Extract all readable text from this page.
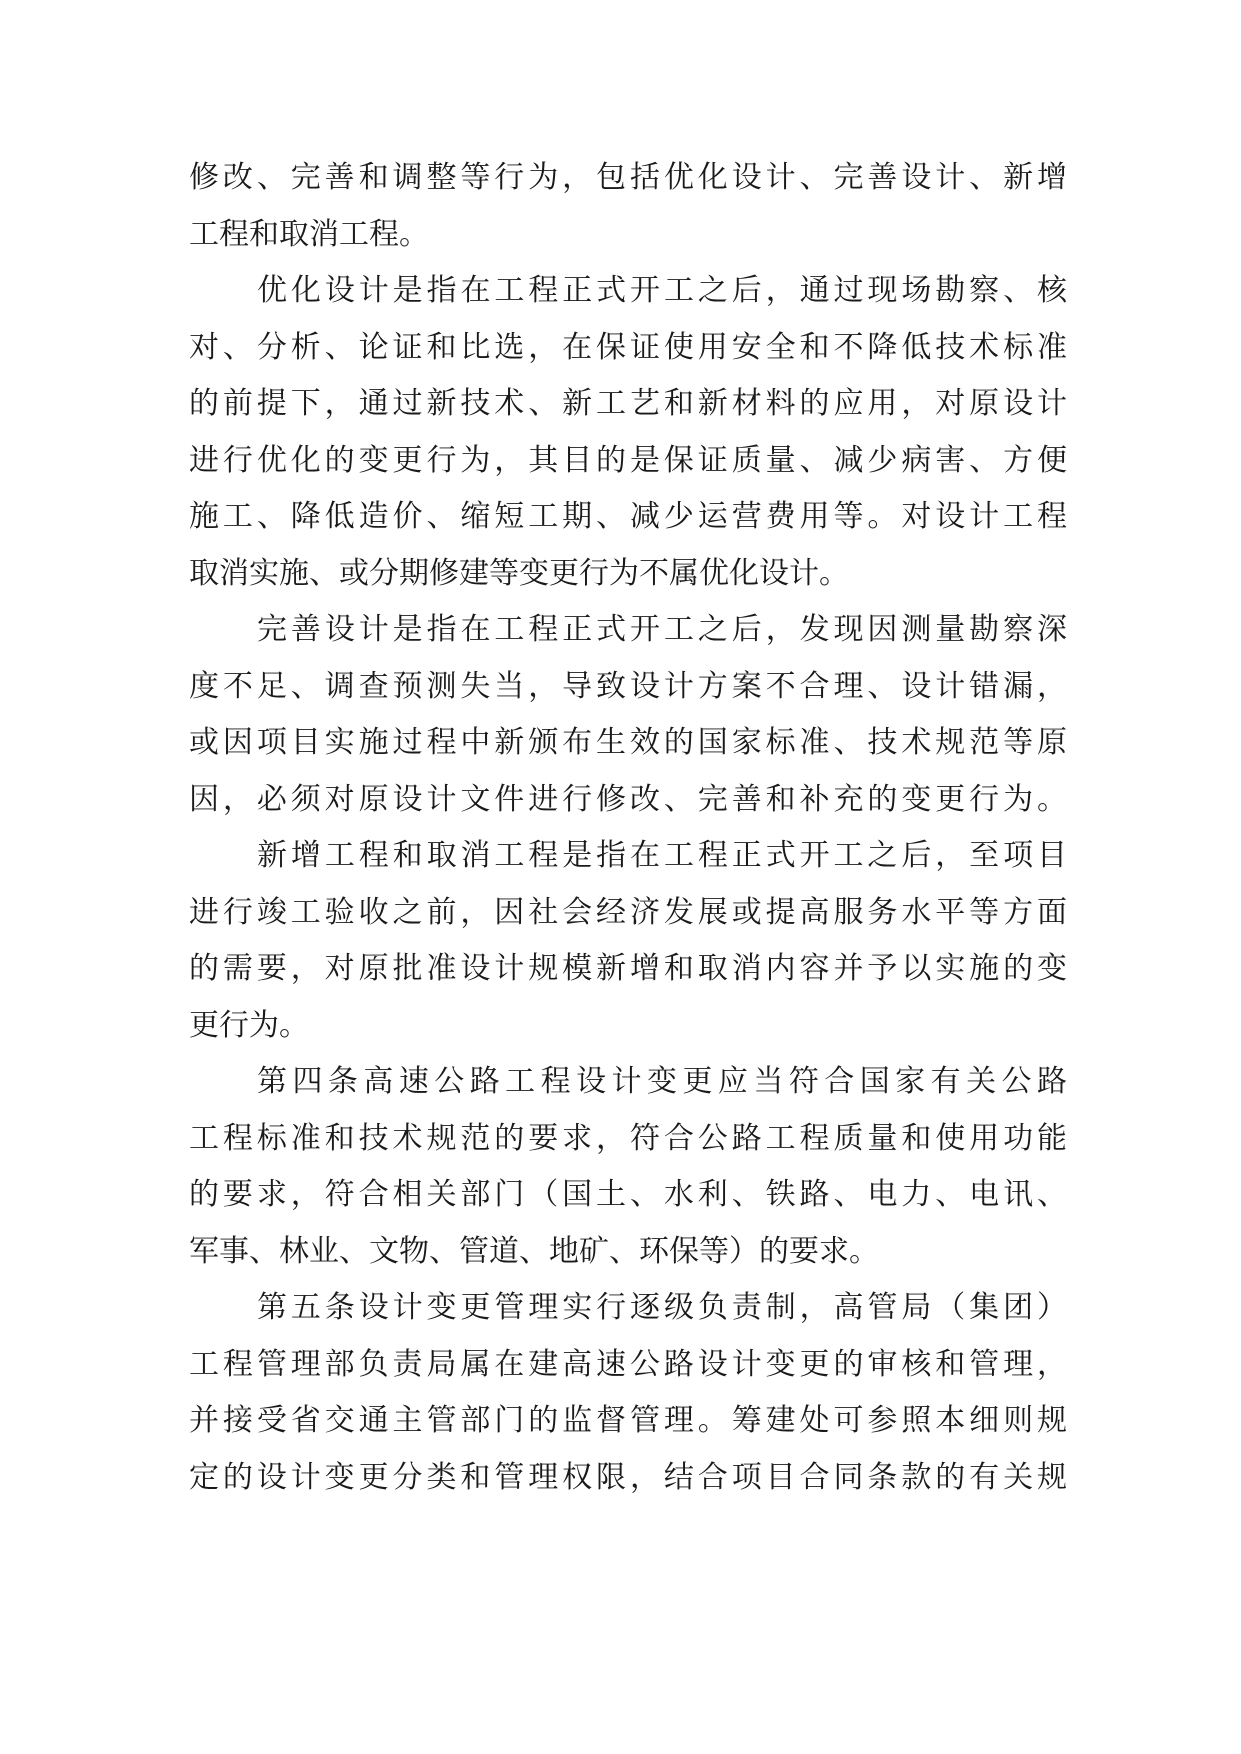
修改、完善和调整等行为，包括优化设计、完善设计、新增
工程和取消工程。
优化设计是指在工程正式开工之后，通过现场勘察、核
对、分析、论证和比选，在保证使用安全和不降低技术标准
的前提下，通过新技术、新工艺和新材料的应用，对原设计
进行优化的变更行为，其目的是保证质量、减少病害、方便
施工、降低造价、缩短工期、减少运营费用等。对设计工程
取消实施、或分期修建等变更行为不属优化设计。
完善设计是指在工程正式开工之后，发现因测量勘察深
度不足、调查预测失当，导致设计方案不合理、设计错漏，
或因项目实施过程中新颁布生效的国家标准、技术规范等原
因，必须对原设计文件进行修改、完善和补充的变更行为。
新增工程和取消工程是指在工程正式开工之后，至项目
进行竣工验收之前，因社会经济发展或提高服务水平等方面
的需要，对原批准设计规模新增和取消内容并予以实施的变
更行为。
第四条高速公路工程设计变更应当符合国家有关公路
工程标准和技术规范的要求，符合公路工程质量和使用功能
的要求，符合相关部门（国土、水利、铁路、电力、电讯、
军事、林业、文物、管道、地矿、环保等）的要求。
第五条设计变更管理实行逐级负责制，高管局（集团）
工程管理部负责局属在建高速公路设计变更的审核和管理，
并接受省交通主管部门的监督管理。筹建处可参照本细则规
定的设计变更分类和管理权限，结合项目合同条款的有关规
